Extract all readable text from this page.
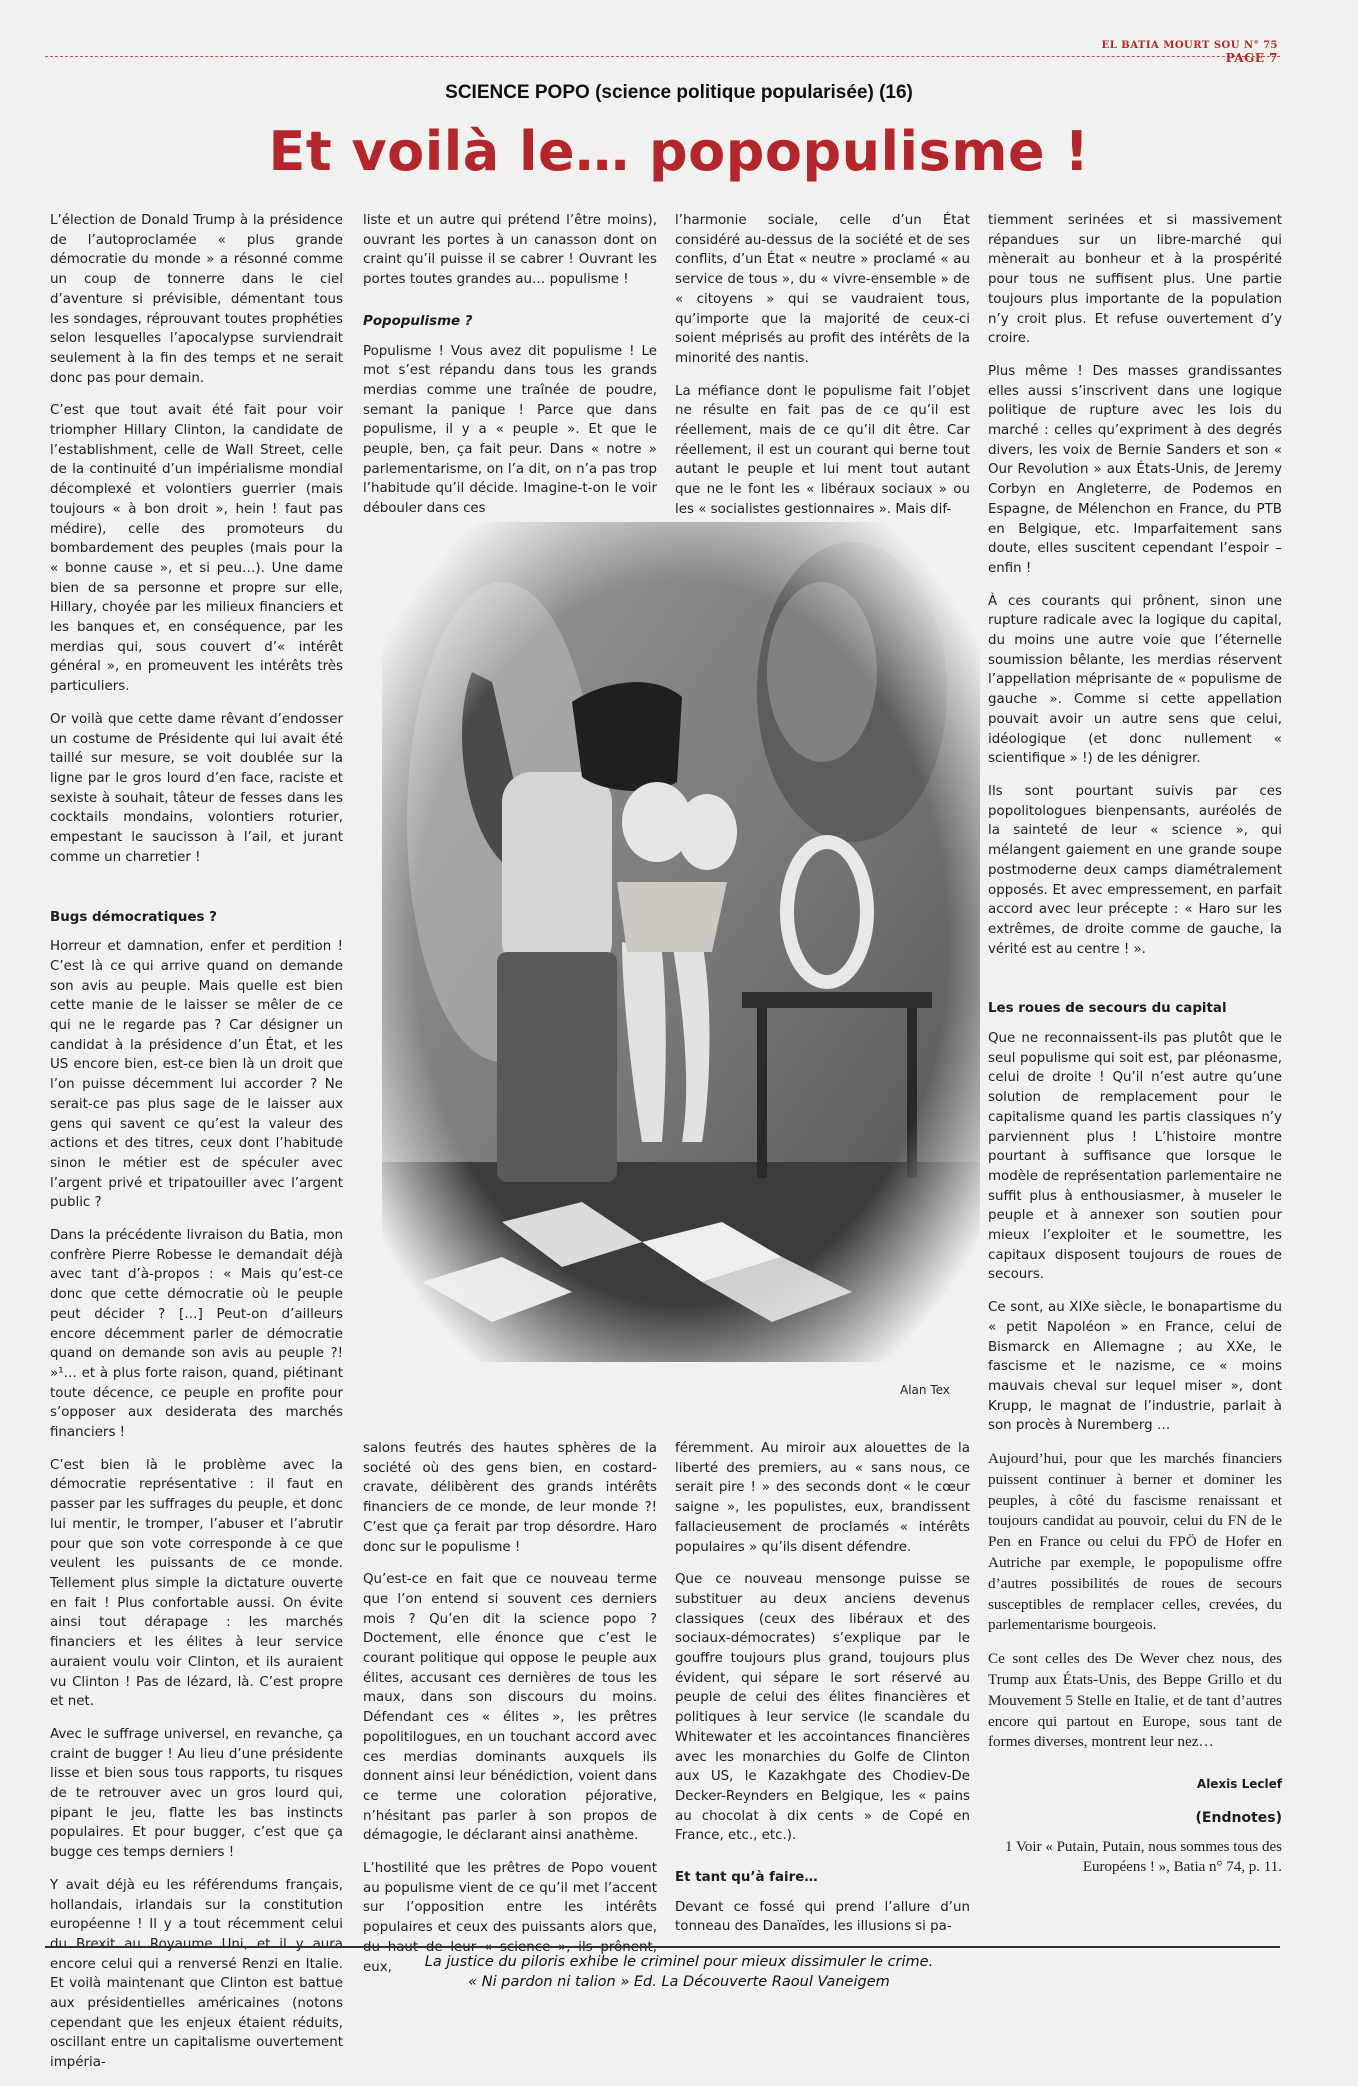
EL BATIA MOURT SOU N° 75
PAGE 7
SCIENCE POPO (science politique popularisée) (16)
Et voilà le… popopulisme !

L’élection de Donald Trump à la présidence de l’autoproclamée « plus grande démocratie du monde » a résonné comme un coup de tonnerre dans le ciel d’aventure si prévisible, démentant tous les sondages, réprouvant toutes prophéties selon lesquelles l’apocalypse surviendrait seulement à la fin des temps et ne serait donc pas pour demain.

C’est que tout avait été fait pour voir triompher Hillary Clinton, la candidate de l’establishment, celle de Wall Street, celle de la continuité d’un impérialisme mondial décomplexé et volontiers guerrier (mais toujours « à bon droit », hein ! faut pas médire), celle des promoteurs du bombardement des peuples (mais pour la « bonne cause », et si peu…). Une dame bien de sa personne et propre sur elle, Hillary, choyée par les milieux financiers et les banques et, en conséquence, par les merdias qui, sous couvert d’« intérêt général », en promeuvent les intérêts très particuliers.

Or voilà que cette dame rêvant d’endosser un costume de Présidente qui lui avait été taillé sur mesure, se voit doublée sur la ligne par le gros lourd d’en face, raciste et sexiste à souhait, tâteur de fesses dans les cocktails mondains, volontiers roturier, empestant le saucisson à l’ail, et jurant comme un charretier !

Bugs démocratiques ?

Horreur et damnation, enfer et perdition ! C’est là ce qui arrive quand on demande son avis au peuple. Mais quelle est bien cette manie de le laisser se mêler de ce qui ne le regarde pas ? Car désigner un candidat à la présidence d’un État, et les US encore bien, est-ce bien là un droit que l’on puisse décemment lui accorder ? Ne serait-ce pas plus sage de le laisser aux gens qui savent ce qu’est la valeur des actions et des titres, ceux dont l’habitude sinon le métier est de spéculer avec l’argent privé et tripatouiller avec l’argent public ?

Dans la précédente livraison du Batia, mon confrère Pierre Robesse le demandait déjà avec tant d’à-propos : « Mais qu’est-ce donc que cette démocratie où le peuple peut décider ? […] Peut-on d’ailleurs encore décemment parler de démocratie quand on demande son avis au peuple ?! »¹… et à plus forte raison, quand, piétinant toute décence, ce peuple en profite pour s’opposer aux desiderata des marchés financiers !

C’est bien là le problème avec la démocratie représentative : il faut en passer par les suffrages du peuple, et donc lui mentir, le tromper, l’abuser et l’abrutir pour que son vote corresponde à ce que veulent les puissants de ce monde. Tellement plus simple la dictature ouverte en fait ! Plus confortable aussi. On évite ainsi tout dérapage : les marchés financiers et les élites à leur service auraient voulu voir Clinton, et ils auraient vu Clinton ! Pas de lézard, là. C’est propre et net.

Avec le suffrage universel, en revanche, ça craint de bugger ! Au lieu d’une présidente lisse et bien sous tous rapports, tu risques de te retrouver avec un gros lourd qui, pipant le jeu, flatte les bas instincts populaires. Et pour bugger, c’est que ça bugge ces temps derniers !

Y avait déjà eu les référendums français, hollandais, irlandais sur la constitution européenne ! Il y a tout récemment celui du Brexit au Royaume Uni, et il y aura encore celui qui a renversé Renzi en Italie. Et voilà maintenant que Clinton est battue aux présidentielles américaines (notons cependant que les enjeux étaient réduits, oscillant entre un capitalisme ouvertement impéria-

liste et un autre qui prétend l’être moins), ouvrant les portes à un canasson dont on craint qu’il puisse il se cabrer ! Ouvrant les portes toutes grandes au… populisme !

Popopulisme ?

Populisme ! Vous avez dit populisme ! Le mot s’est répandu dans tous les grands merdias comme une traînée de poudre, semant la panique ! Parce que dans populisme, il y a « peuple ». Et que le peuple, ben, ça fait peur. Dans « notre » parlementarisme, on l’a dit, on n’a pas trop l’habitude qu’il décide. Imagine-t-on le voir débouler dans ces

l’harmonie sociale, celle d’un État considéré au-dessus de la société et de ses conflits, d’un État « neutre » proclamé « au service de tous », du « vivre-ensemble » de « citoyens » qui se vaudraient tous, qu’importe que la majorité de ceux-ci soient méprisés au profit des intérêts de la minorité des nantis.

La méfiance dont le populisme fait l’objet ne résulte en fait pas de ce qu’il est réellement, mais de ce qu’il dit être. Car réellement, il est un courant qui berne tout autant le peuple et lui ment tout autant que ne le font les « libéraux sociaux » ou les « socialistes gestionnaires ». Mais dif-

Alan Tex

salons feutrés des hautes sphères de la société où des gens bien, en costard-cravate, délibèrent des grands intérêts financiers de ce monde, de leur monde ?! C’est que ça ferait par trop désordre. Haro donc sur le populisme !

Qu’est-ce en fait que ce nouveau terme que l’on entend si souvent ces derniers mois ? Qu’en dit la science popo ? Doctement, elle énonce que c’est le courant politique qui oppose le peuple aux élites, accusant ces dernières de tous les maux, dans son discours du moins. Défendant ces « élites », les prêtres popolitilogues, en un touchant accord avec ces merdias dominants auxquels ils donnent ainsi leur bénédiction, voient dans ce terme une coloration péjorative, n’hésitant pas parler à son propos de démagogie, le déclarant ainsi anathème.

L’hostilité que les prêtres de Popo vouent au populisme vient de ce qu’il met l’accent sur l’opposition entre les intérêts populaires et ceux des puissants alors que, du haut de leur « science », ils prônent, eux,

féremment. Au miroir aux alouettes de la liberté des premiers, au « sans nous, ce serait pire ! » des seconds dont « le cœur saigne », les populistes, eux, brandissent fallacieusement de proclamés « intérêts populaires » qu’ils disent défendre.

Que ce nouveau mensonge puisse se substituer au deux anciens devenus classiques (ceux des libéraux et des sociaux-démocrates) s’explique par le gouffre toujours plus grand, toujours plus évident, qui sépare le sort réservé au peuple de celui des élites financières et politiques à leur service (le scandale du Whitewater et les accointances financières avec les monarchies du Golfe de Clinton aux US, le Kazakhgate des Chodiev-De Decker-Reynders en Belgique, les « pains au chocolat à dix cents » de Copé en France, etc., etc.).

Et tant qu’à faire…

Devant ce fossé qui prend l’allure d’un tonneau des Danaïdes, les illusions si pa-

tiemment serinées et si massivement répandues sur un libre-marché qui mènerait au bonheur et à la prospérité pour tous ne suffisent plus. Une partie toujours plus importante de la population n’y croit plus. Et refuse ouvertement d’y croire.

Plus même ! Des masses grandissantes elles aussi s’inscrivent dans une logique politique de rupture avec les lois du marché : celles qu’expriment à des degrés divers, les voix de Bernie Sanders et son « Our Revolution » aux États-Unis, de Jeremy Corbyn en Angleterre, de Podemos en Espagne, de Mélenchon en France, du PTB en Belgique, etc. Imparfaitement sans doute, elles suscitent cependant l’espoir – enfin !

À ces courants qui prônent, sinon une rupture radicale avec la logique du capital, du moins une autre voie que l’éternelle soumission bêlante, les merdias réservent l’appellation méprisante de « populisme de gauche ». Comme si cette appellation pouvait avoir un autre sens que celui, idéologique (et donc nullement « scientifique » !) de les dénigrer.

Ils sont pourtant suivis par ces popolitologues bienpensants, auréolés de la sainteté de leur « science », qui mélangent gaiement en une grande soupe postmoderne deux camps diamétralement opposés. Et avec empressement, en parfait accord avec leur précepte : « Haro sur les extrêmes, de droite comme de gauche, la vérité est au centre ! ».

Les roues de secours du capital

Que ne reconnaissent-ils pas plutôt que le seul populisme qui soit est, par pléonasme, celui de droite ! Qu’il n’est autre qu’une solution de remplacement pour le capitalisme quand les partis classiques n’y parviennent plus ! L’histoire montre pourtant à suffisance que lorsque le modèle de représentation parlementaire ne suffit plus à enthousiasmer, à museler le peuple et à annexer son soutien pour mieux l’exploiter et le soumettre, les capitaux disposent toujours de roues de secours.

Ce sont, au XIXe siècle, le bonapartisme du « petit Napoléon » en France, celui de Bismarck en Allemagne ; au XXe, le fascisme et le nazisme, ce « moins mauvais cheval sur lequel miser », dont Krupp, le magnat de l’industrie, parlait à son procès à Nuremberg …

Aujourd’hui, pour que les marchés financiers puissent continuer à berner et dominer les peuples, à côté du fascisme renaissant et toujours candidat au pouvoir, celui du FN de le Pen en France ou celui du FPÖ de Hofer en Autriche par exemple, le popopulisme offre d’autres possibilités de roues de secours susceptibles de remplacer celles, crevées, du parlementarisme bourgeois.

Ce sont celles des De Wever chez nous, des Trump aux États-Unis, des Beppe Grillo et du Mouvement 5 Stelle en Italie, et de tant d’autres encore qui partout en Europe, sous tant de formes diverses, montrent leur nez…

Alexis Leclef
(Endnotes)
1 Voir « Putain, Putain, nous sommes tous des Européens ! », Batia n° 74, p. 11.
La justice du piloris exhibe le criminel pour mieux dissimuler le crime.
« Ni pardon ni talion » Ed. La Découverte Raoul Vaneigem
